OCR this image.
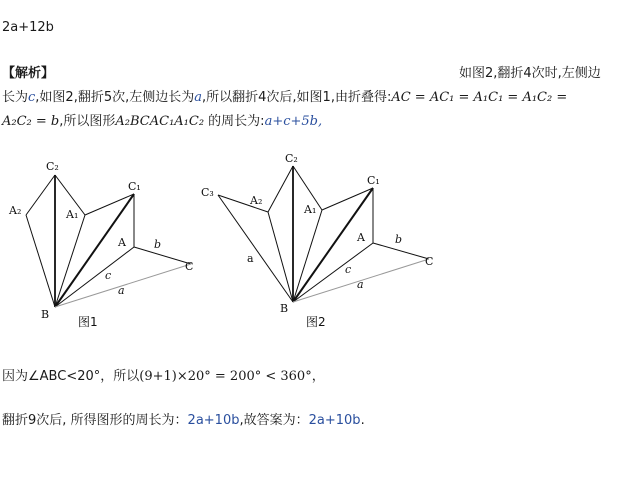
2a+12b
【解析】	如图2,翻折4次时,左侧边
长为c,如图2,翻折5次,左侧边长为a,所以翻折4次后,如图1,由折叠得:AC = AC₁ = A₁C₁ = A₁C₂ =
A₂C₂ = b,所以图形A₂BCAC₁A₁C₂ 的周长为:a+c+5b,
C₂
A₂	A₁
C₁
A	b
C
c
a
B
图1
C₃
A₂
C₂
A₁
C₁
A	b
C
a
c
a
B
图2
因为∠ABC<20°，所以(9+1)×20° = 200° < 360°，
翻折9次后, 所得图形的周长为：2a+10b,故答案为：2a+10b.
